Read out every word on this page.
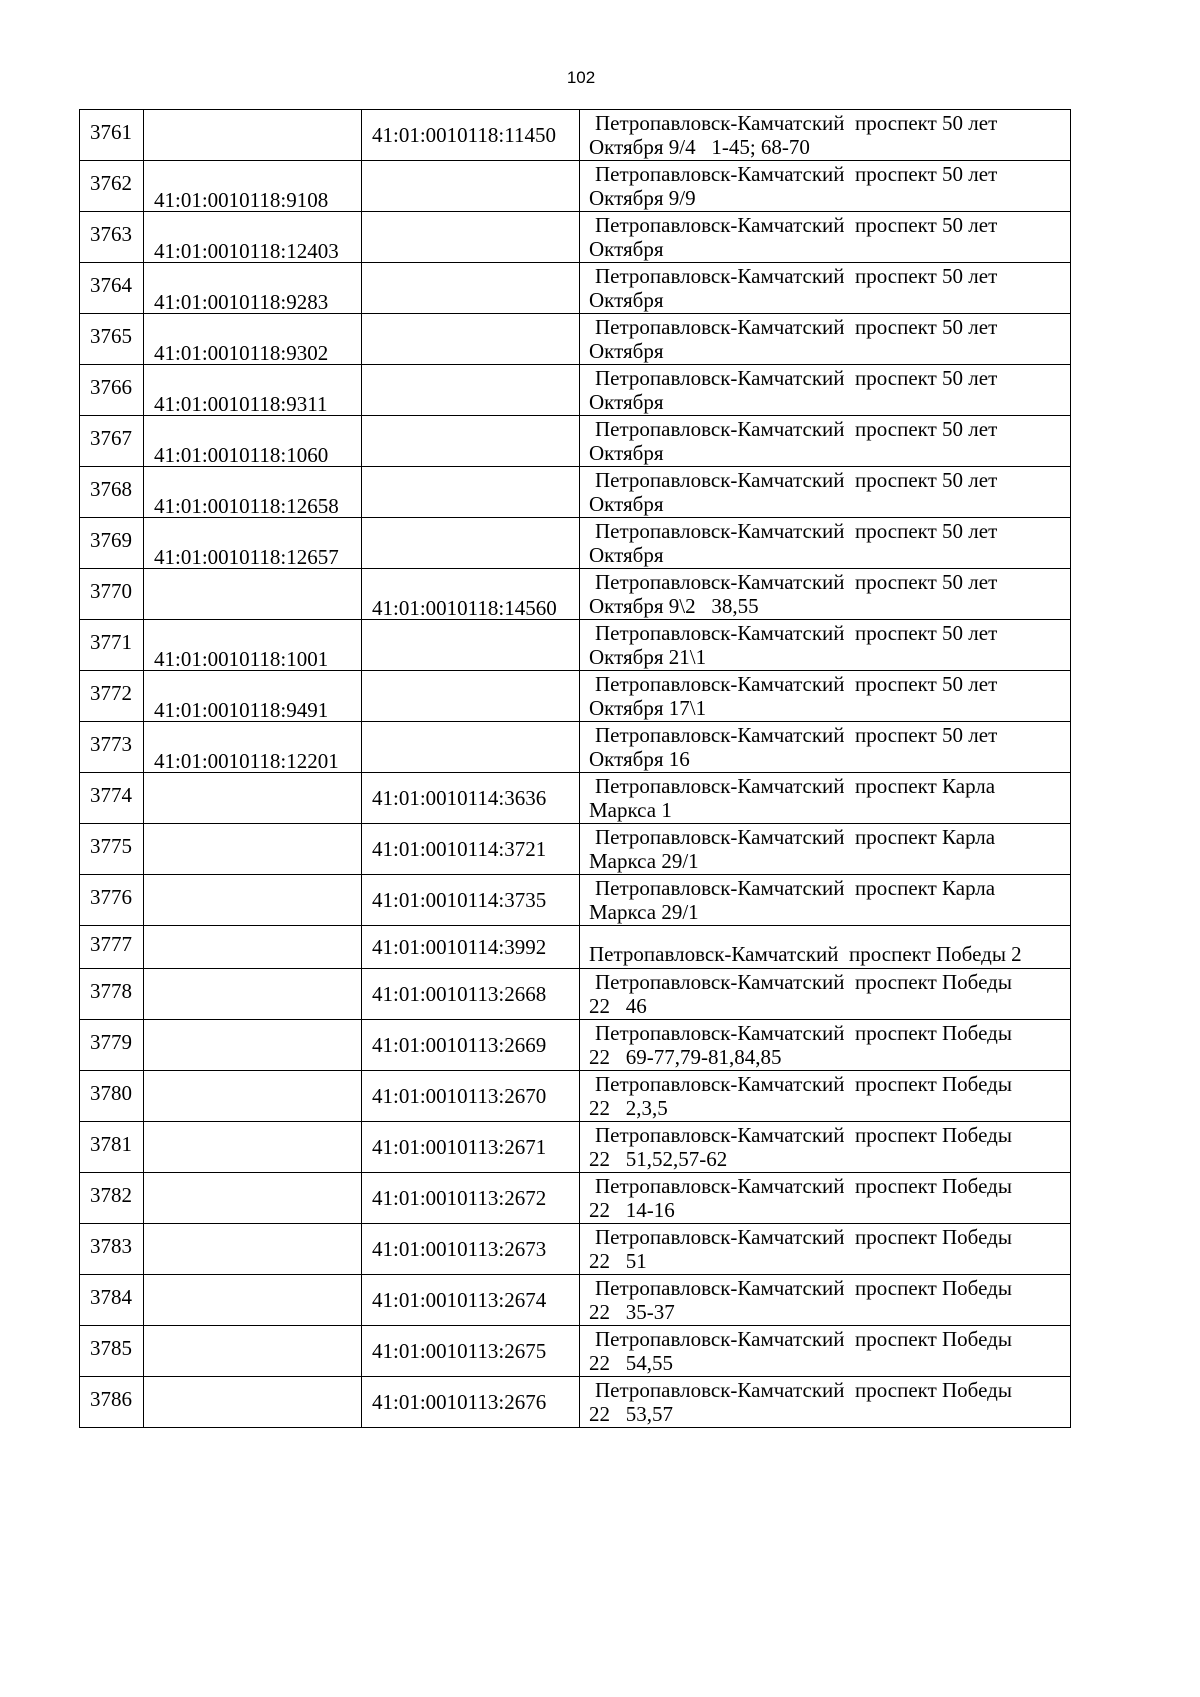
102
3761		41:01:0010118:11450	Петропавловск-Камчатский  проспект 50 лет
Октября 9/4   1-45; 68-70

3762	41:01:0010118:9108		Петропавловск-Камчатский  проспект 50 лет
Октября 9/9

3763	41:01:0010118:12403		Петропавловск-Камчатский  проспект 50 лет
Октября

3764	41:01:0010118:9283		Петропавловск-Камчатский  проспект 50 лет
Октября

3765	41:01:0010118:9302		Петропавловск-Камчатский  проспект 50 лет
Октября

3766	41:01:0010118:9311		Петропавловск-Камчатский  проспект 50 лет
Октября

3767	41:01:0010118:1060		Петропавловск-Камчатский  проспект 50 лет
Октября

3768	41:01:0010118:12658		Петропавловск-Камчатский  проспект 50 лет
Октября

3769	41:01:0010118:12657		Петропавловск-Камчатский  проспект 50 лет
Октября

3770		41:01:0010118:14560	Петропавловск-Камчатский  проспект 50 лет
Октября 9\2   38,55

3771	41:01:0010118:1001		Петропавловск-Камчатский  проспект 50 лет
Октября 21\1

3772	41:01:0010118:9491		Петропавловск-Камчатский  проспект 50 лет
Октября 17\1

3773	41:01:0010118:12201		Петропавловск-Камчатский  проспект 50 лет
Октября 16

3774		41:01:0010114:3636	Петропавловск-Камчатский  проспект Карла
Маркса 1

3775		41:01:0010114:3721	Петропавловск-Камчатский  проспект Карла
Маркса 29/1

3776		41:01:0010114:3735	Петропавловск-Камчатский  проспект Карла
Маркса 29/1

3777		41:01:0010114:3992	Петропавловск-Камчатский  проспект Победы 2

3778		41:01:0010113:2668	Петропавловск-Камчатский  проспект Победы
22   46

3779		41:01:0010113:2669	Петропавловск-Камчатский  проспект Победы
22   69-77,79-81,84,85

3780		41:01:0010113:2670	Петропавловск-Камчатский  проспект Победы
22   2,3,5

3781		41:01:0010113:2671	Петропавловск-Камчатский  проспект Победы
22   51,52,57-62

3782		41:01:0010113:2672	Петропавловск-Камчатский  проспект Победы
22   14-16

3783		41:01:0010113:2673	Петропавловск-Камчатский  проспект Победы
22   51

3784		41:01:0010113:2674	Петропавловск-Камчатский  проспект Победы
22   35-37

3785		41:01:0010113:2675	Петропавловск-Камчатский  проспект Победы
22   54,55

3786		41:01:0010113:2676	Петропавловск-Камчатский  проспект Победы
22   53,57
